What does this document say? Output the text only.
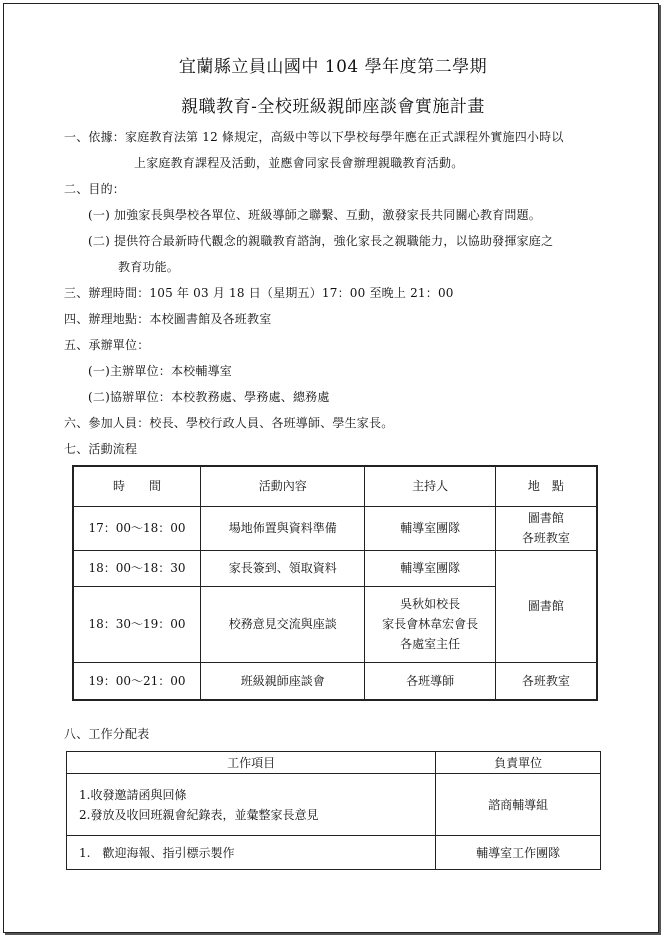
宜蘭縣立員山國中 104 學年度第二學期
親職教育-全校班級親師座談會實施計畫
一、依據：家庭教育法第 12 條規定，高級中等以下學校每學年應在正式課程外實施四小時以
上家庭教育課程及活動，並應會同家長會辦理親職教育活動。
二、目的：
(一) 加強家長與學校各單位、班級導師之聯繫、互動，激發家長共同關心教育問題。
(二) 提供符合最新時代觀念的親職教育諮詢，強化家長之親職能力，以協助發揮家庭之
教育功能。
三、辦理時間：105 年 03 月 18 日（星期五）17：00 至晚上 21：00
四、辦理地點：本校圖書館及各班教室
五、承辦單位：
(一)主辦單位：本校輔導室
(二)協辦單位：本校教務處、學務處、總務處
六、參加人員：校長、學校行政人員、各班導師、學生家長。
七、活動流程
時　　間	活動內容	主持人	地　點
17：00～18：00	場地佈置與資料準備	輔導室團隊	圖書館
各班教室

18：00～18：30	家長簽到、領取資料	輔導室團隊	圖書館
18：30～19：00	校務意見交流與座談	吳秋如校長
家長會林韋宏會長
各處室主任	

19：00～21：00	班級親師座談會	各班導師	各班教室
八、工作分配表
工作項目	負責單位

1.收發邀請函與回條
2.發放及收回班親會紀錄表，並彙整家長意見	諮商輔導組
1.　歡迎海報、指引標示製作	輔導室工作團隊
